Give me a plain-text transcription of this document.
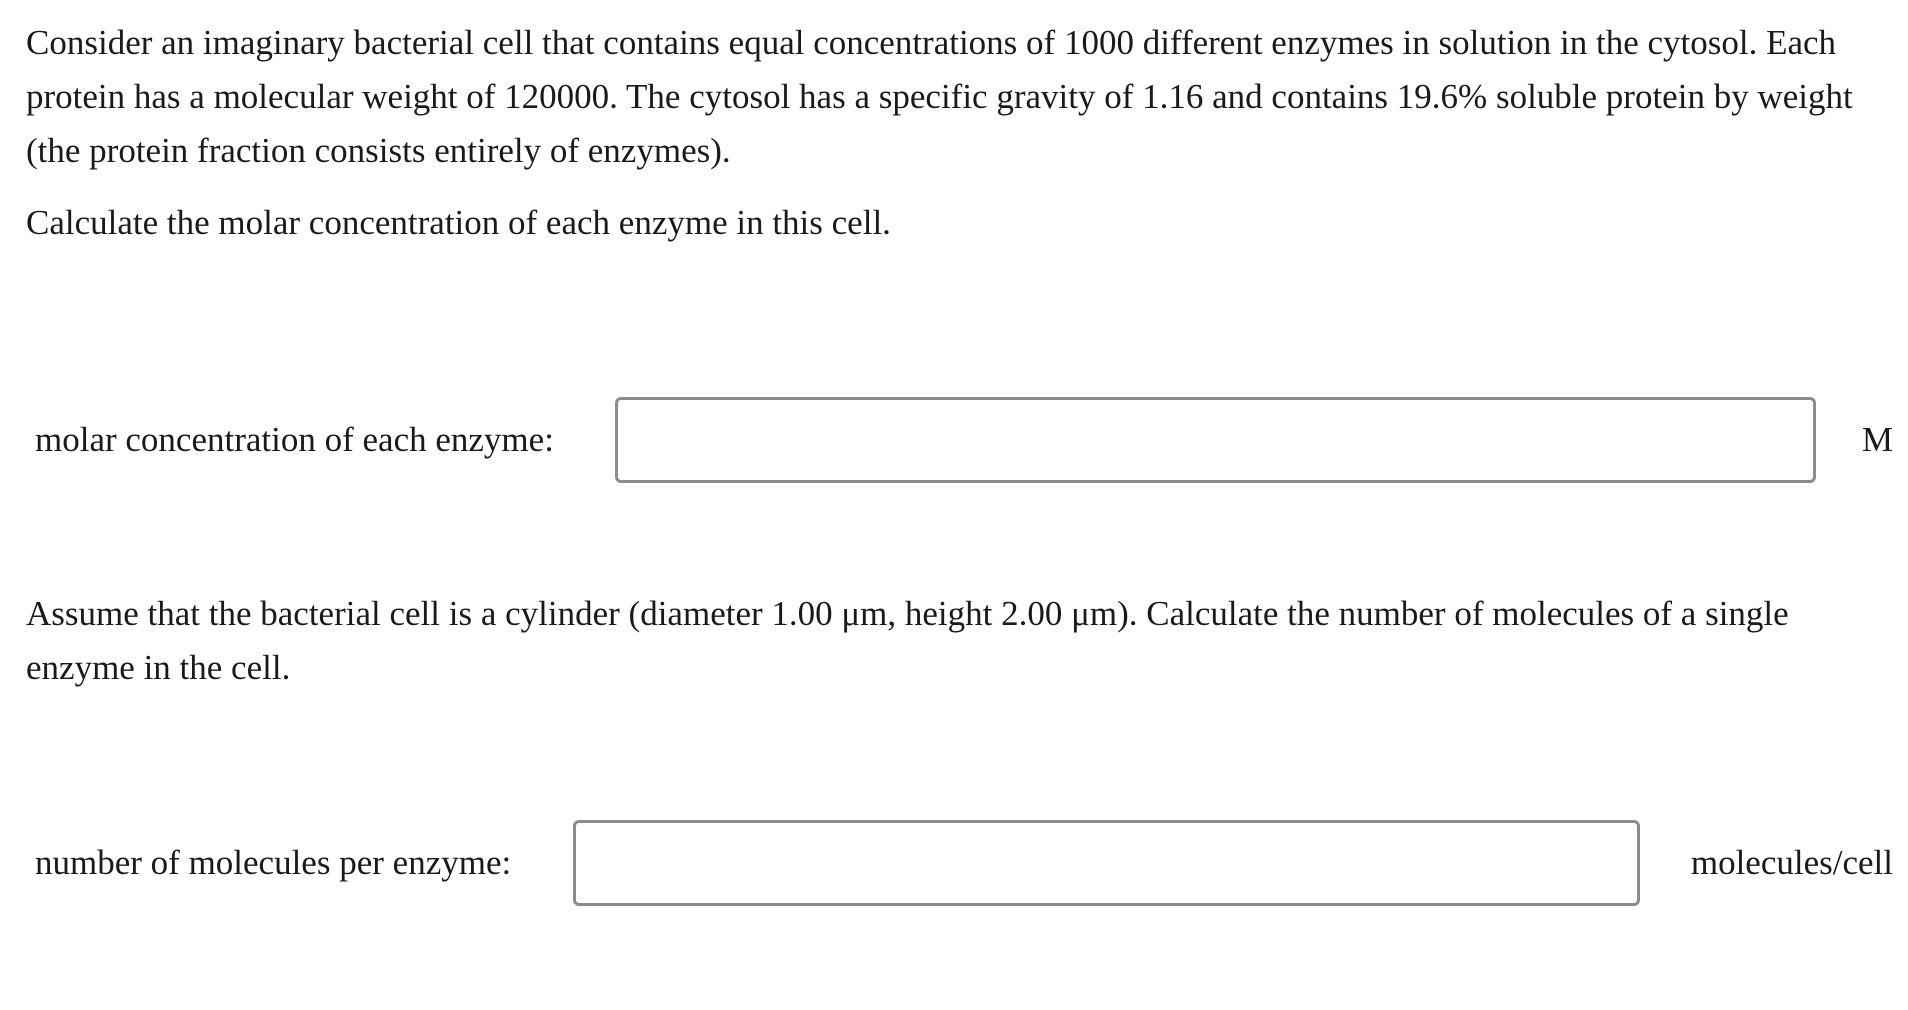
Consider an imaginary bacterial cell that contains equal concentrations of 1000 different enzymes in solution in the cytosol. Each protein has a molecular weight of 120000. The cytosol has a specific gravity of 1.16 and contains 19.6% soluble protein by weight (the protein fraction consists entirely of enzymes).

Calculate the molar concentration of each enzyme in this cell.

molar concentration of each enzyme:	M

Assume that the bacterial cell is a cylinder (diameter 1.00 μm, height 2.00 μm). Calculate the number of molecules of a single enzyme in the cell.

number of molecules per enzyme:	molecules/cell
